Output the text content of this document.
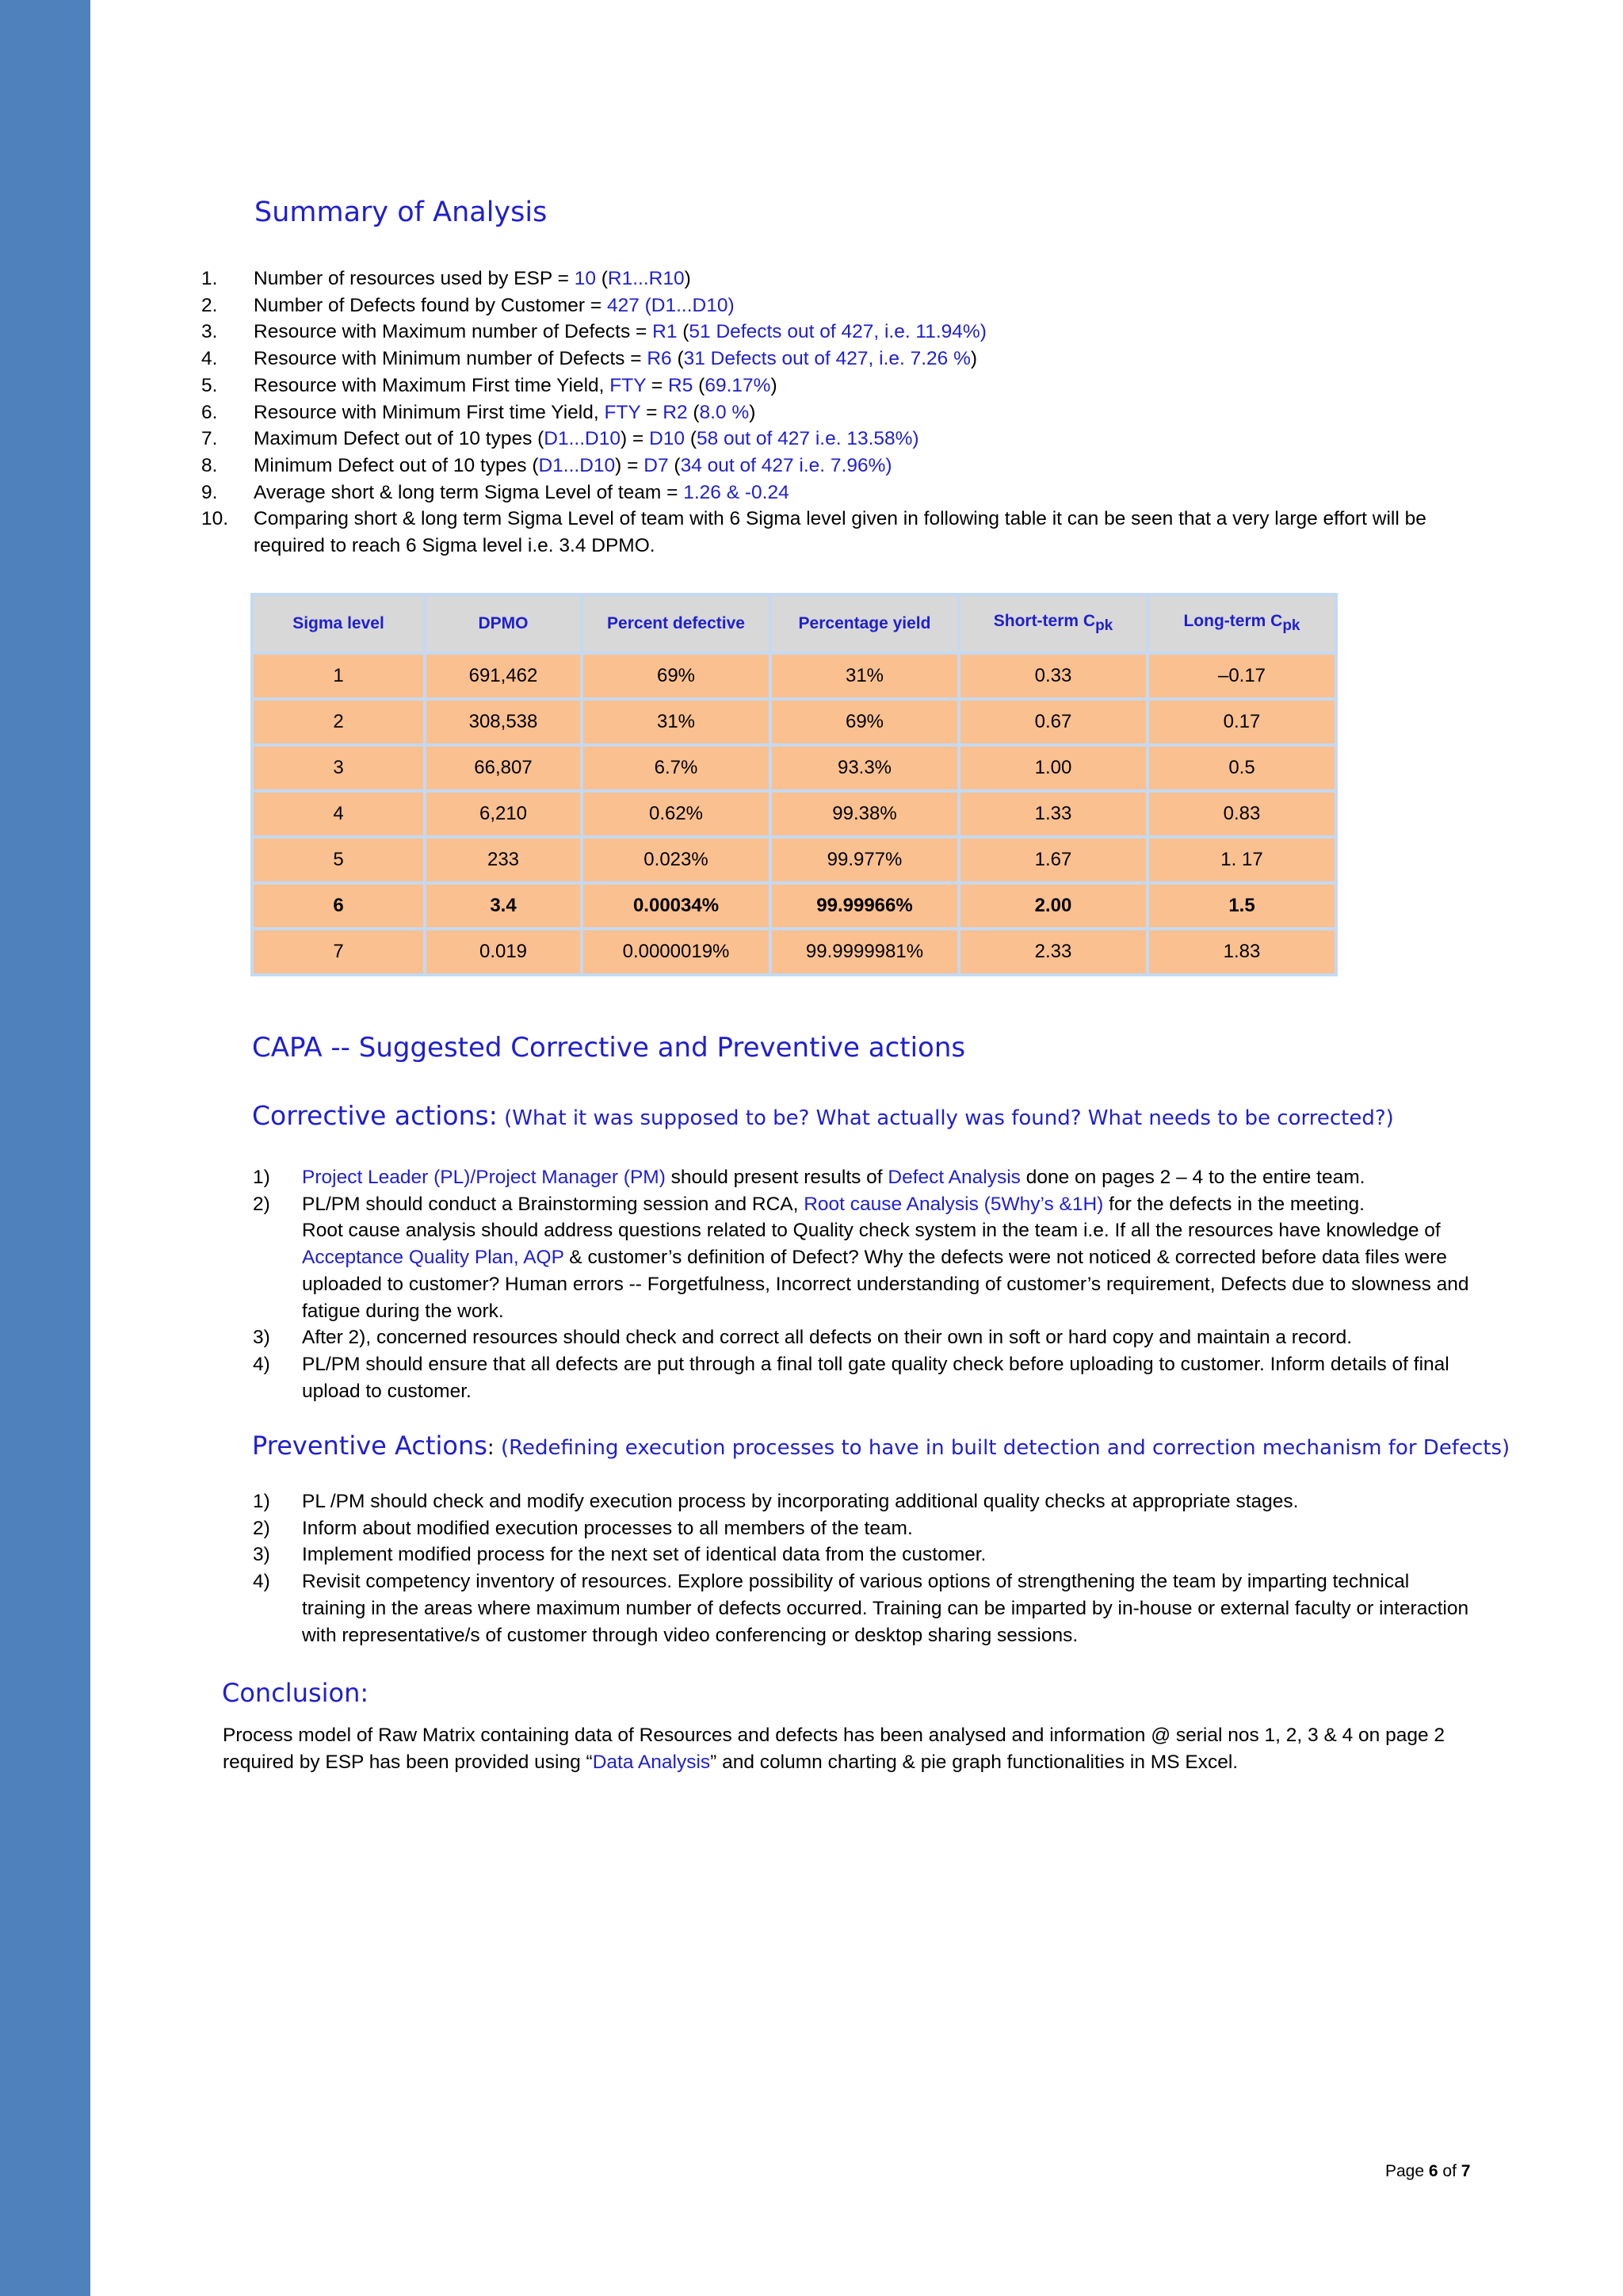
Summary of Analysis
1.	Number of resources used by ESP = 10 (R1...R10)
2.	Number of Defects found by Customer = 427 (D1...D10)
3.	Resource with Maximum number of Defects = R1 (51 Defects out of 427, i.e. 11.94%)
4.	Resource with Minimum number of Defects = R6 (31 Defects out of 427, i.e. 7.26 %)
5.	Resource with Maximum First time Yield, FTY = R5 (69.17%)
6.	Resource with Minimum First time Yield, FTY = R2 (8.0 %)
7.	Maximum Defect out of 10 types (D1...D10) = D10 (58 out of 427 i.e. 13.58%)
8.	Minimum Defect out of 10 types (D1...D10) = D7 (34 out of 427 i.e. 7.96%)
9.	Average short & long term Sigma Level of team = 1.26 & -0.24
10.	Comparing short & long term Sigma Level of team with 6 Sigma level given in following table it can be seen that a very large effort will be required to reach 6 Sigma level i.e. 3.4 DPMO.
Sigma level	DPMO	Percent defective	Percentage yield	Short-term $C_{pk}$	Long-term $C_{pk}$
1	691,462	69%	31%	0.33	–0.17
2	308,538	31%	69%	0.67	0.17
3	66,807	6.7%	93.3%	1.00	0.5
4	6,210	0.62%	99.38%	1.33	0.83
5	233	0.023%	99.977%	1.67	1. 17
6	3.4	0.00034%	99.99966%	2.00	1.5
7	0.019	0.0000019%	99.9999981%	2.33	1.83
CAPA -- Suggested Corrective and Preventive actions
Corrective actions: (What it was supposed to be? What actually was found? What needs to be corrected?)
1) Project Leader (PL)/Project Manager (PM) should present results of Defect Analysis done on pages 2 – 4 to the entire team.
2) PL/PM should conduct a Brainstorming session and RCA, Root cause Analysis (5Why’s &1H) for the defects in the meeting.
Root cause analysis should address questions related to Quality check system in the team i.e. If all the resources have knowledge of Acceptance Quality Plan, AQP & customer’s definition of Defect? Why the defects were not noticed & corrected before data files were uploaded to customer? Human errors -- Forgetfulness, Incorrect understanding of customer’s requirement, Defects due to slowness and fatigue during the work.
3) After 2), concerned resources should check and correct all defects on their own in soft or hard copy and maintain a record.
4) PL/PM should ensure that all defects are put through a final toll gate quality check before uploading to customer. Inform details of final upload to customer.
Preventive Actions: (Redefining execution processes to have in built detection and correction mechanism for Defects)
1) PL /PM should check and modify execution process by incorporating additional quality checks at appropriate stages.
2) Inform about modified execution processes to all members of the team.
3) Implement modified process for the next set of identical data from the customer.
4) Revisit competency inventory of resources. Explore possibility of various options of strengthening the team by imparting technical training in the areas where maximum number of defects occurred. Training can be imparted by in-house or external faculty or interaction with representative/s of customer through video conferencing or desktop sharing sessions.
Conclusion:

Process model of Raw Matrix containing data of Resources and defects has been analysed and information @ serial nos 1, 2, 3 & 4 on page 2 required by ESP has been provided using “Data Analysis” and column charting & pie graph functionalities in MS Excel.

Page 6 of 7
